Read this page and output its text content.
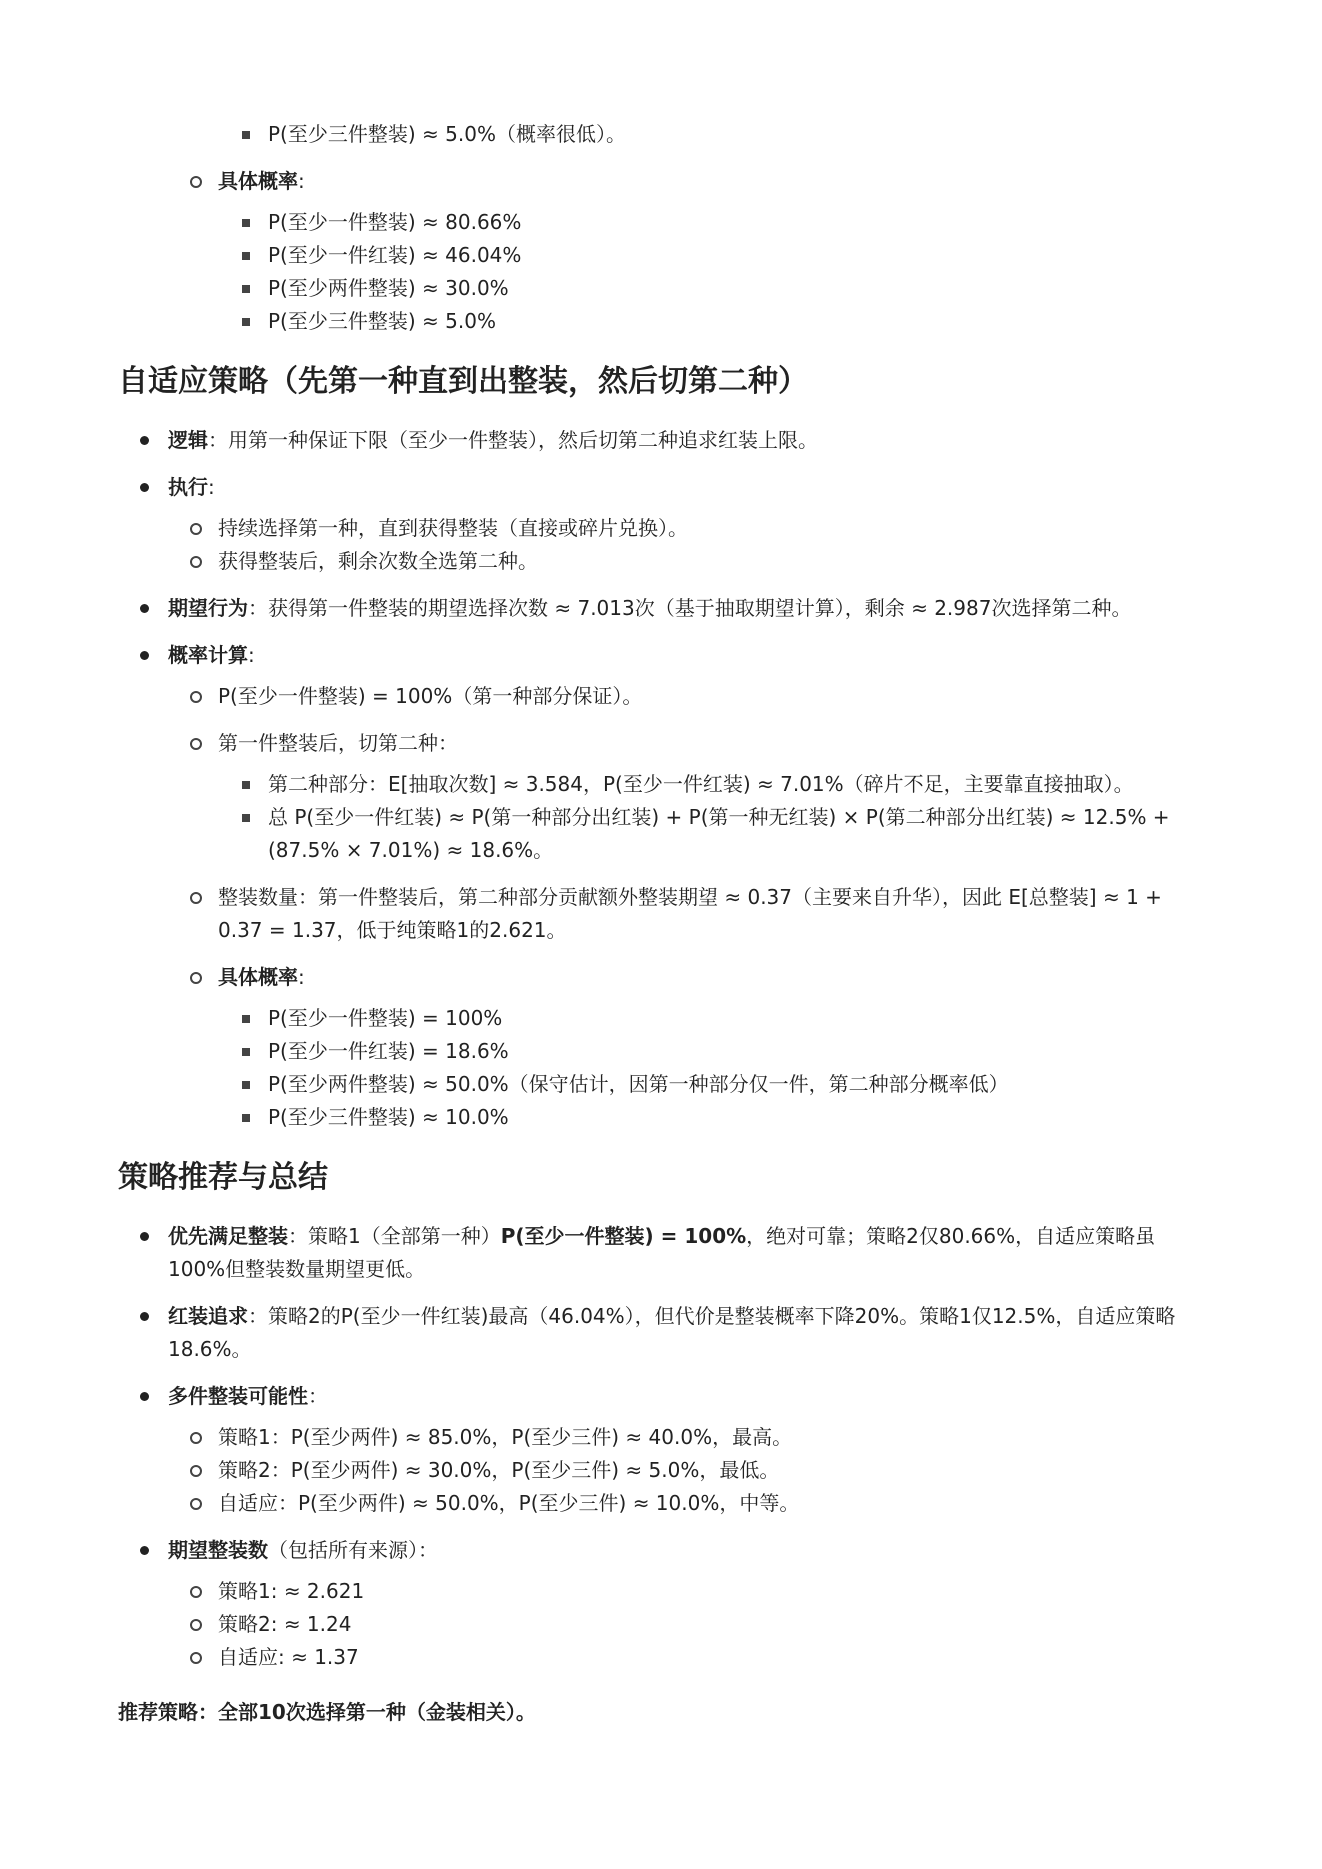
P(至少三件整装) ≈ 5.0%（概率很低）。
具体概率:
P(至少一件整装) ≈ 80.66%
P(至少一件红装) ≈ 46.04%
P(至少两件整装) ≈ 30.0%
P(至少三件整装) ≈ 5.0%
自适应策略（先第一种直到出整装，然后切第二种）
逻辑：用第一种保证下限（至少一件整装），然后切第二种追求红装上限。
执行:
持续选择第一种，直到获得整装（直接或碎片兑换）。
获得整装后，剩余次数全选第二种。
期望行为：获得第一件整装的期望选择次数 ≈ 7.013次（基于抽取期望计算），剩余 ≈ 2.987次选择第二种。
概率计算:
P(至少一件整装) = 100%（第一种部分保证）。
第一件整装后，切第二种：
第二种部分：E[抽取次数] ≈ 3.584，P(至少一件红装) ≈ 7.01%（碎片不足，主要靠直接抽取）。
总 P(至少一件红装) ≈ P(第一种部分出红装) + P(第一种无红装) × P(第二种部分出红装) ≈ 12.5% + (87.5% × 7.01%) ≈ 18.6%。
整装数量：第一件整装后，第二种部分贡献额外整装期望 ≈ 0.37（主要来自升华），因此 E[总整装] ≈ 1 + 0.37 = 1.37，低于纯策略1的2.621。
具体概率:
P(至少一件整装) = 100%
P(至少一件红装) = 18.6%
P(至少两件整装) ≈ 50.0%（保守估计，因第一种部分仅一件，第二种部分概率低）
P(至少三件整装) ≈ 10.0%
策略推荐与总结
优先满足整装：策略1（全部第一种）P(至少一件整装) = 100%，绝对可靠；策略2仅80.66%，自适应策略虽100%但整装数量期望更低。
红装追求：策略2的P(至少一件红装)最高（46.04%），但代价是整装概率下降20%。策略1仅12.5%，自适应策略18.6%。
多件整装可能性：
策略1：P(至少两件) ≈ 85.0%，P(至少三件) ≈ 40.0%，最高。
策略2：P(至少两件) ≈ 30.0%，P(至少三件) ≈ 5.0%，最低。
自适应：P(至少两件) ≈ 50.0%，P(至少三件) ≈ 10.0%，中等。
期望整装数（包括所有来源）：
策略1: ≈ 2.621
策略2: ≈ 1.24
自适应: ≈ 1.37
推荐策略：全部10次选择第一种（金装相关）。
